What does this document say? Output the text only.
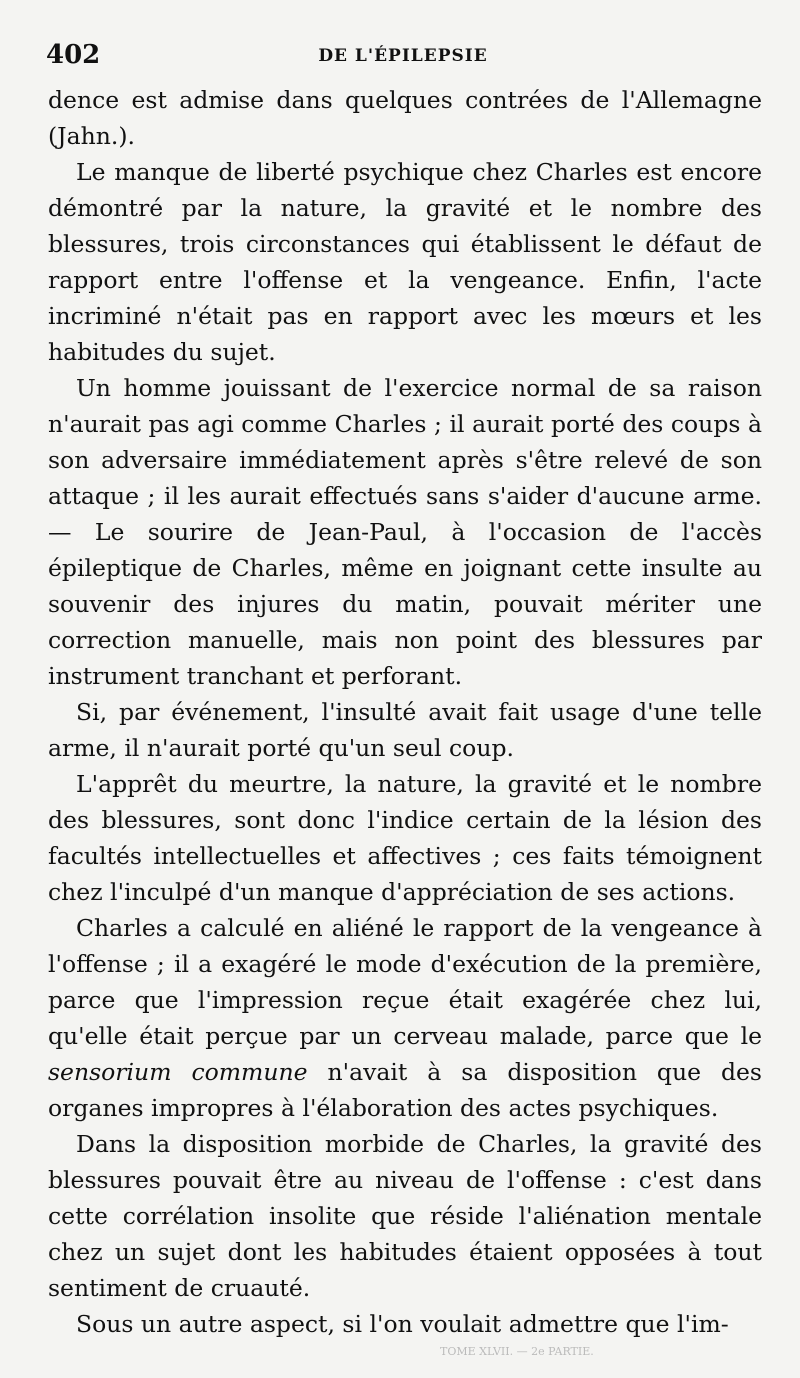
402	DE L'ÉPILEPSIE

dence est admise dans quelques contrées de l'Allemagne (Jahn.).

Le manque de liberté psychique chez Charles est encore démontré par la nature, la gravité et le nombre des blessures, trois circonstances qui établissent le défaut de rapport entre l'offense et la vengeance. Enfin, l'acte incriminé n'était pas en rapport avec les mœurs et les habitudes du sujet.

Un homme jouissant de l'exercice normal de sa raison n'aurait pas agi comme Charles ; il aurait porté des coups à son adversaire immédiatement après s'être relevé de son attaque ; il les aurait effectués sans s'aider d'aucune arme. — Le sourire de Jean-Paul, à l'occasion de l'accès épileptique de Charles, même en joignant cette insulte au souvenir des injures du matin, pouvait mériter une correction manuelle, mais non point des blessures par instrument tranchant et perforant.

Si, par événement, l'insulté avait fait usage d'une telle arme, il n'aurait porté qu'un seul coup.

L'apprêt du meurtre, la nature, la gravité et le nombre des blessures, sont donc l'indice certain de la lésion des facultés intellectuelles et affectives ; ces faits témoignent chez l'inculpé d'un manque d'appréciation de ses actions.

Charles a calculé en aliéné le rapport de la vengeance à l'offense ; il a exagéré le mode d'exécution de la première, parce que l'impression reçue était exagérée chez lui, qu'elle était perçue par un cerveau malade, parce que le sensorium commune n'avait à sa disposition que des organes impropres à l'élaboration des actes psychiques.

Dans la disposition morbide de Charles, la gravité des blessures pouvait être au niveau de l'offense : c'est dans cette corrélation insolite que réside l'aliénation mentale chez un sujet dont les habitudes étaient opposées à tout sentiment de cruauté.

Sous un autre aspect, si l'on voulait admettre que l'im-

TOME XLVII. — 2e PARTIE.
